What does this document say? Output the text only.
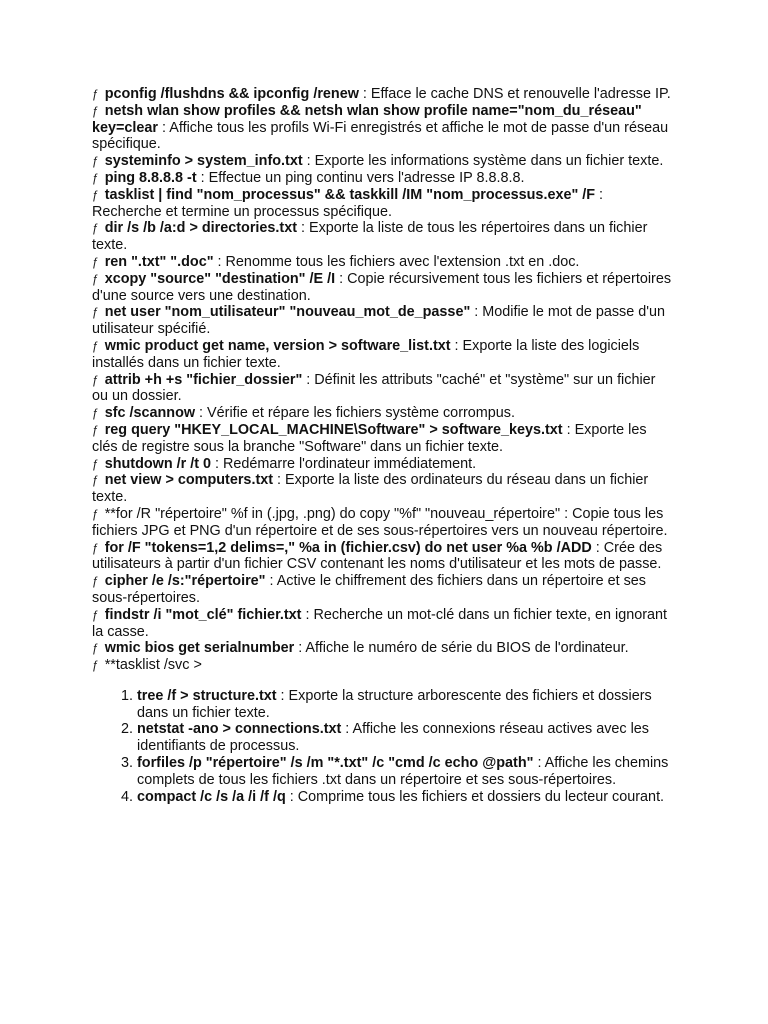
ƒ pconfig /flushdns && ipconfig /renew : Efface le cache DNS et renouvelle l'adresse IP.

ƒ netsh wlan show profiles && netsh wlan show profile name="nom_du_réseau" key=clear : Affiche tous les profils Wi-Fi enregistrés et affiche le mot de passe d'un réseau spécifique.

ƒ systeminfo > system_info.txt : Exporte les informations système dans un fichier texte.

ƒ ping 8.8.8.8 -t : Effectue un ping continu vers l'adresse IP 8.8.8.8.

ƒ tasklist | find "nom_processus" && taskkill /IM "nom_processus.exe" /F : Recherche et termine un processus spécifique.

ƒ dir /s /b /a:d > directories.txt : Exporte la liste de tous les répertoires dans un fichier texte.

ƒ ren ".txt" ".doc" : Renomme tous les fichiers avec l'extension .txt en .doc.

ƒ xcopy "source" "destination" /E /I : Copie récursivement tous les fichiers et répertoires d'une source vers une destination.

ƒ net user "nom_utilisateur" "nouveau_mot_de_passe" : Modifie le mot de passe d'un utilisateur spécifié.

ƒ wmic product get name, version > software_list.txt : Exporte la liste des logiciels installés dans un fichier texte.

ƒ attrib +h +s "fichier_dossier" : Définit les attributs "caché" et "système" sur un fichier ou un dossier.

ƒ sfc /scannow : Vérifie et répare les fichiers système corrompus.

ƒ reg query "HKEY_LOCAL_MACHINE\Software" > software_keys.txt : Exporte les clés de registre sous la branche "Software" dans un fichier texte.

ƒ shutdown /r /t 0 : Redémarre l'ordinateur immédiatement.

ƒ net view > computers.txt : Exporte la liste des ordinateurs du réseau dans un fichier texte.

ƒ **for /R "répertoire" %f in (.jpg, .png) do copy "%f" "nouveau_répertoire" : Copie tous les fichiers JPG et PNG d'un répertoire et de ses sous-répertoires vers un nouveau répertoire.

ƒ for /F "tokens=1,2 delims=," %a in (fichier.csv) do net user %a %b /ADD : Crée des utilisateurs à partir d'un fichier CSV contenant les noms d'utilisateur et les mots de passe.

ƒ cipher /e /s:"répertoire" : Active le chiffrement des fichiers dans un répertoire et ses sous-répertoires.

ƒ findstr /i "mot_clé" fichier.txt : Recherche un mot-clé dans un fichier texte, en ignorant la casse.

ƒ wmic bios get serialnumber : Affiche le numéro de série du BIOS de l'ordinateur.

ƒ **tasklist /svc >

1. tree /f > structure.txt : Exporte la structure arborescente des fichiers et dossiers dans un fichier texte.
2. netstat -ano > connections.txt : Affiche les connexions réseau actives avec les identifiants de processus.
3. forfiles /p "répertoire" /s /m "*.txt" /c "cmd /c echo @path" : Affiche les chemins complets de tous les fichiers .txt dans un répertoire et ses sous-répertoires.
4. compact /c /s /a /i /f /q : Comprime tous les fichiers et dossiers du lecteur courant.
